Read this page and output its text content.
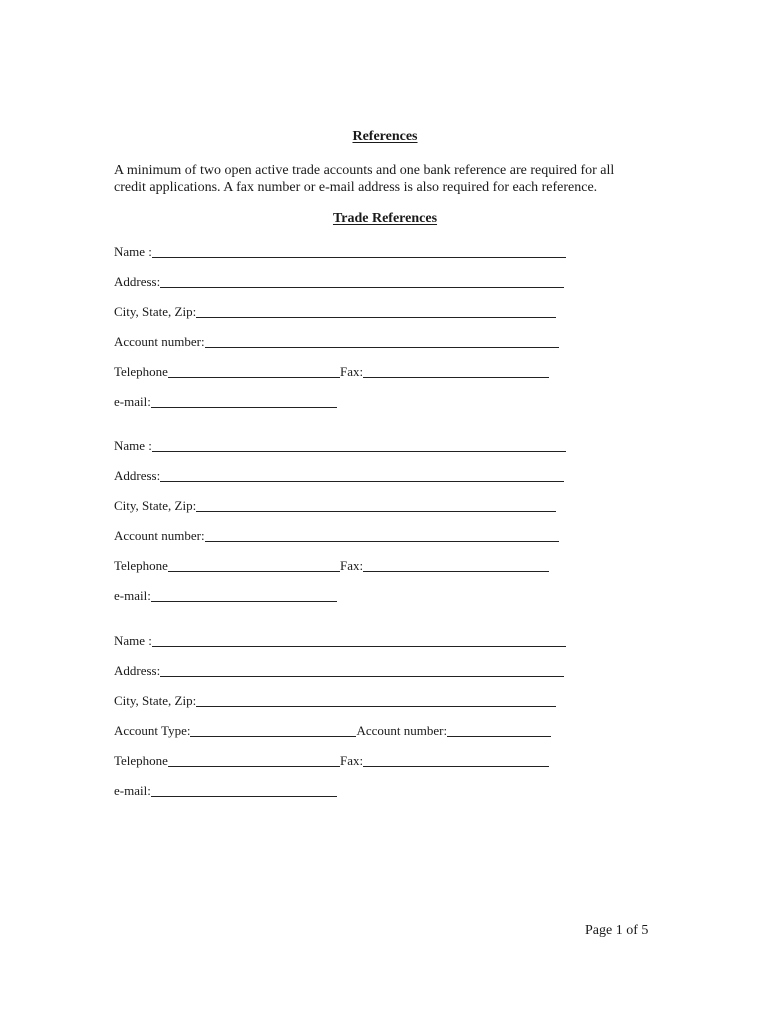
References

A minimum of two open active trade accounts and one bank reference are required for all

credit applications. A fax number or e-mail address is also required for each reference.

Trade References
Name :
Address:
City, State, Zip:
Account number:
Telephone	Fax:
e-mail:
Name :
Address:
City, State, Zip:
Account number:
Telephone	Fax:
e-mail:
Name :
Address:
City, State, Zip:
Account Type:	Account number:
Telephone	Fax:
e-mail:
Page 1 of 5
